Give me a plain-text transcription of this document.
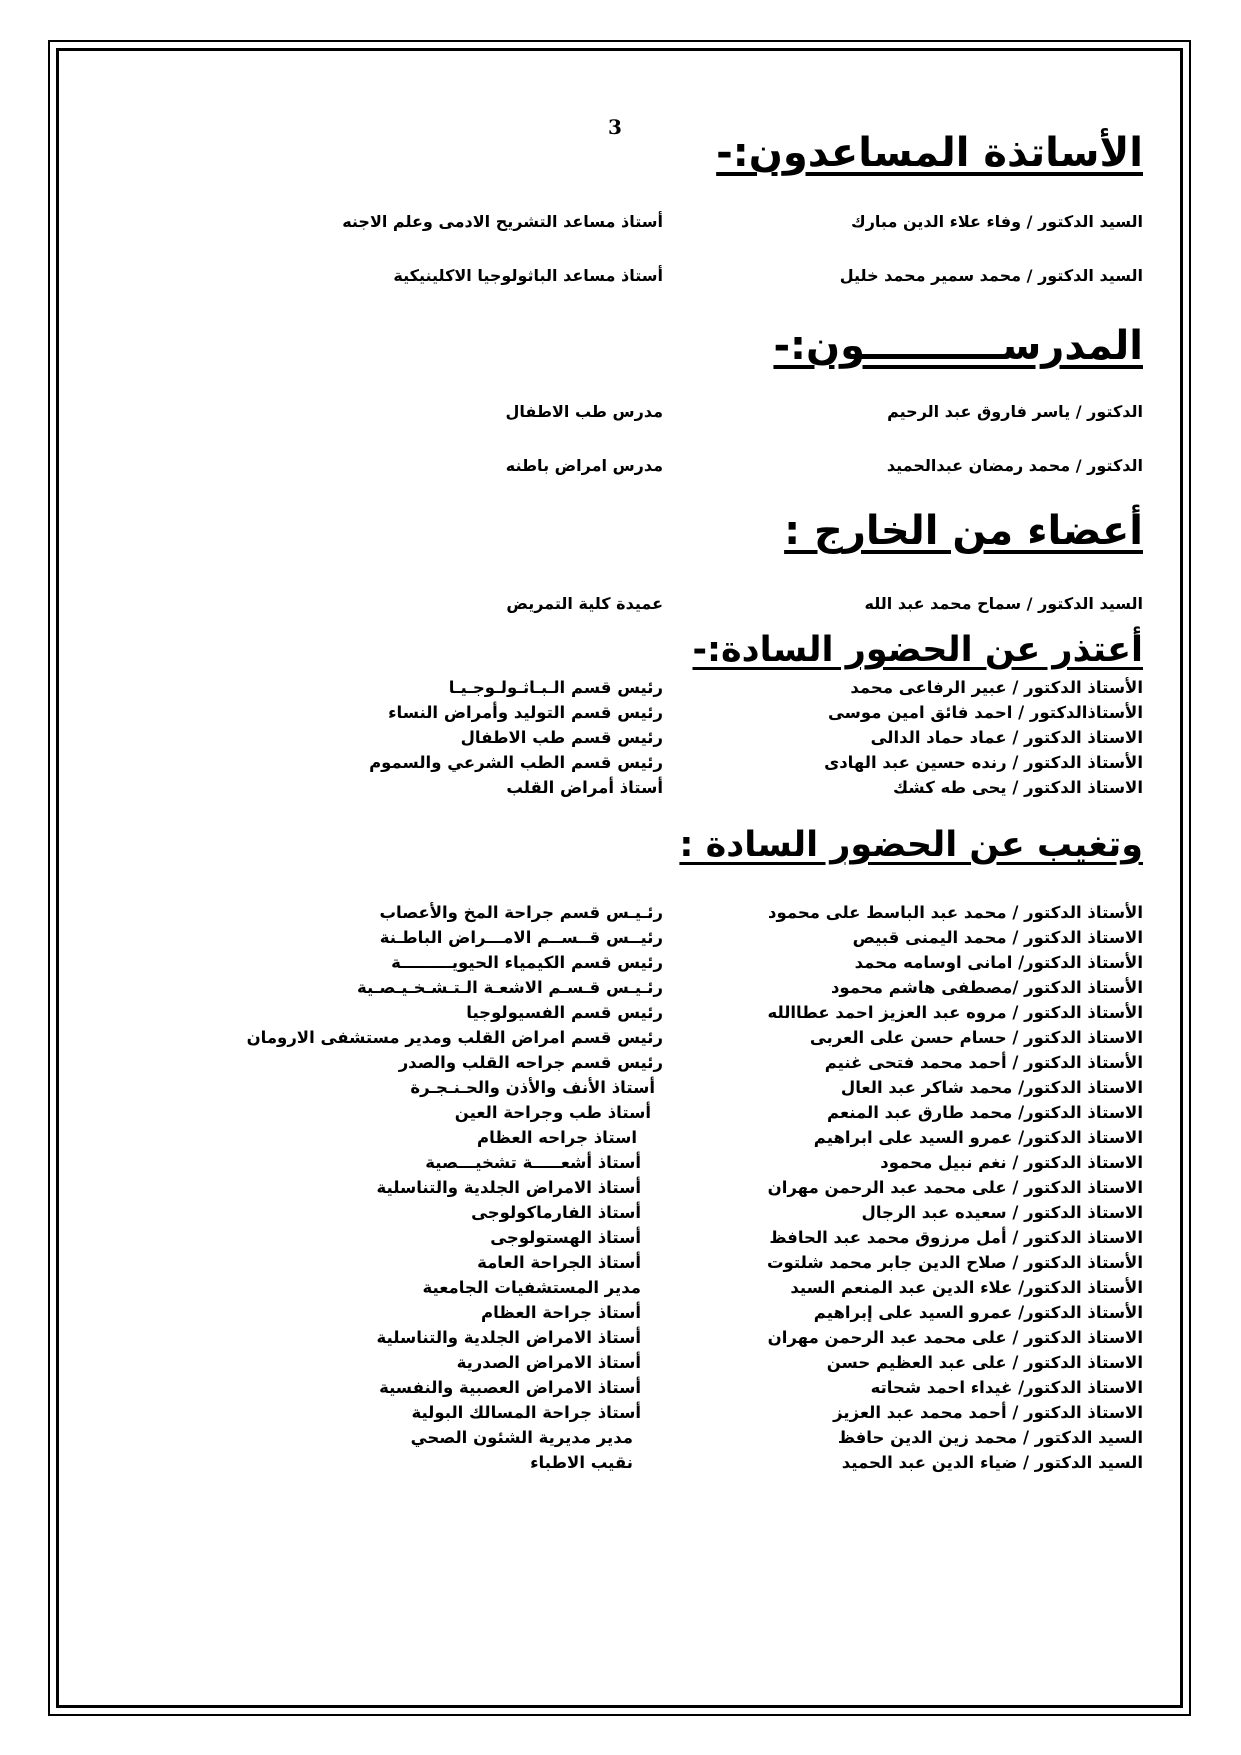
3
الأساتذة المساعدون:-
السيد الدكتور / وفاء علاء الدين مبارك
أستاذ مساعد التشريح الادمى وعلم الاجنه
السيد الدكتور / محمد سمير محمد خليل
أستاذ مساعد الباثولوجيا الاكلينيكية
المدرســــــــــون:-
الدكتور / ياسر فاروق عبد الرحيم
مدرس طب الاطفال
الدكتور / محمد رمضان عبدالحميد
مدرس امراض باطنه
أعضاء من الخارج :
السيد الدكتور / سماح محمد عبد الله
عميدة كلية التمريض
أعتذر عن الحضور السادة:-
الأستاذ الدكتور / عبير الرفاعى محمد
رئيس قسم الـبـاثـولـوجـيـا
الأستاذالدكتور / احمد فائق امين موسى
رئيس قسم التوليد وأمراض النساء
الاستاذ الدكتور / عماد حماد الدالى
رئيس قسم طب الاطفال
الأستاذ الدكتور / رنده حسين عبد الهادى
رئيس قسم الطب الشرعي والسموم
الاستاذ الدكتور / يحى طه كشك
أستاذ أمراض القلب
وتغيب عن الحضور السادة :
الأستاذ الدكتور / محمد عبد الباسط على محمود
رئـيـس قسم جراحة المخ والأعصاب
الاستاذ الدكتور / محمد اليمنى قبيص
رئيــس قــســم الامـــراض الباطـنة
الأستاذ الدكتور/ امانى اوسامه محمد
رئيس قسم الكيمياء الحيويـــــــــة
الأستاذ الدكتور /مصطفى هاشم محمود
رئـيـس قـسـم الاشعـة الـتـشـخـيـصـية
الأستاذ الدكتور / مروه عبد العزيز احمد عطاالله
رئيس قسم الفسيولوجيا
الاستاذ الدكتور / حسام حسن على العربى
رئيس قسم امراض القلب ومدير مستشفى الارومان
الأستاذ الدكتور / أحمد محمد فتحى غنيم
رئيس قسم جراحه القلب والصدر
الاستاذ الدكتور/ محمد شاكر عبد العال
أستاذ الأنف والأذن والحـنـجـرة
الاستاذ الدكتور/ محمد طارق عبد المنعم
أستاذ طب وجراحة العين
الاستاذ الدكتور/ عمرو السيد على ابراهيم
استاذ جراحه العظام
الاستاذ الدكتور / نغم نبيل محمود
أستاذ أشعـــــة تشخيـــصية
الاستاذ الدكتور / على محمد عبد الرحمن مهران
أستاذ الامراض الجلدية والتناسلية
الاستاذ الدكتور / سعيده عبد الرجال
أستاذ الفارماكولوجى
الاستاذ الدكتور / أمل مرزوق محمد عبد الحافظ
أستاذ الهستولوجى
الأستاذ الدكتور / صلاح الدين جابر محمد شلتوت
أستاذ الجراحة العامة
الأستاذ الدكتور/ علاء الدين عبد المنعم السيد
مدير المستشفيات الجامعية
الأستاذ الدكتور/ عمرو السيد على إبراهيم
أستاذ جراحة العظام
الاستاذ الدكتور / على محمد عبد الرحمن مهران
أستاذ الامراض الجلدية والتناسلية
الاستاذ الدكتور / على عبد العظيم حسن
أستاذ الامراض الصدرية
الاستاذ الدكتور/ غيداء احمد شحاته
أستاذ الامراض العصبية والنفسية
الاستاذ الدكتور / أحمد محمد عبد العزيز
أستاذ جراحة المسالك البولية
السيد الدكتور / محمد زين الدين حافظ
مدير مديرية الشئون الصحي
السيد الدكتور / ضياء الدين عبد الحميد
نقيب الاطباء
